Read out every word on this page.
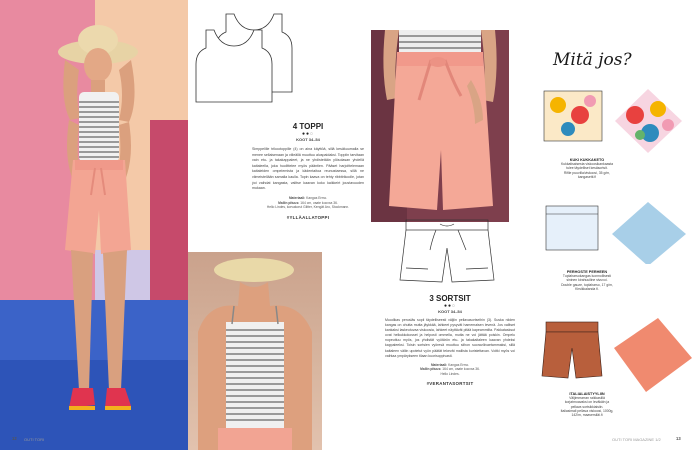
4 TOPPI
●●◌
KOOT 34–54
Simppelille trikootoppille (4) on aina käyttöä, sillä kesäkuumalla se menee sellaisenaan ja viileällä muuttuu aluspaidaksi. Toppiin tarvitaan vain etu- ja takakappaleet, ja ne yhdistetään ylösolasan yhdellä kaitaleella, joka huolittelee myös pääntien. Pääset harjoittelemaan kaitaleiden ompelemista ja kädentaitoa reunustaessa, sillä ne viimeistellään samalla kaulla. Topin kaava on tehty ribbitrikoolle, jotan ýoi vaihdat kangasta, valitse kaavan koko kaikkeirt joustavuuden mukaan.
Materiaali: Kangas Ermo.
Mallin pituus: 164 cm, vaate kooxxa 36.
Hello Lindes, korvakorut Glitter, Kengät Aro, Stockmann.
#YLLÄALLATOPPI
12 OUTI TORI
3 SORTSIT
●●◌
KOOT 34–54
Muodikas perusläs sopii täydelliseesti väljiin pellavasortseihin (3). Suska niiden kangas on ohutta mutta jäykkää, lahkeet pysyvät hamemaisen levenä. Jos valitset kankaksi laskeutuvaa viskoosia, lahkeet näyttävät pitää kapeammilta. Pakkatasksut ovat helkukkokosset ja helposti ommella, mutta ne voi jättää poiskin. Ompelu nopeuttuu myös, jos yhdistät vyötärön etu- ja takakaitaleen kaavan yhdeksi kappaleeksi. Toisin sortsien vyöresä muuttuu siihon suoravölvaetammaksi, sillä kaitaleen väliin upotetut vyön päätät tekevät mallista kuristettavan. Voitki myös voi vaihtaa ympärykseen tilaan kuorisoppivasti.
Materiaali: Kangas Ermo.
Mallin pituus: 164 cm, vaate kooxxa 36.
Hello Lindes.
#VERANTASORTSIT
Mitä jos?
KUKI KUKKAKETO
Kukkatisaisesta viskoosikankaasta tulee täydelliset kesäsortsit.
Riflle puuvilla/viskoosi, 35 g/m, kangasetti.fi
PERHOSTE PERHEEN
Tuplaharsokangas luonnollisesti sininen kirahuuiline sivuvoi.
Double gauze, tuplaharso, 17 g/m, Kirsikkalanda fi.
ITALIALAISTYYLIIN
Väljimmarran raikkasillä korjatmoavaksi on leväkäin ja pellava sortsikkiaisiin.
Italiasimali pellava viskoosi, 1000g, 142/m, maaversiläi.fi
OUTI TORI MAGAZINE 1/2	13
